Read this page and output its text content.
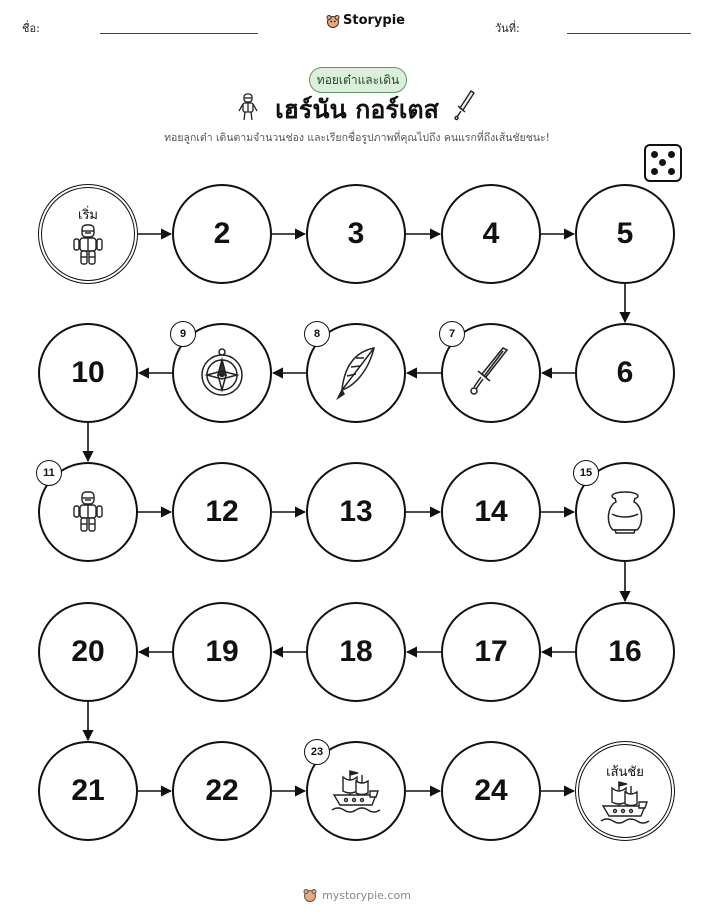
ชื่อ:
Storypie
วันที่:
ทอยเต๋าและเดิน
เฮร์นัน กอร์เตส
ทอยลูกเต๋า เดินตามจำนวนช่อง และเรียกชื่อรูปภาพที่คุณไปถึง คนแรกที่ถึงเส้นชัยชนะ!
เริ่ม
2	3	4	5
6
7
8
9
10
11
12	13	14
15
16
17
18
19
20
21	22
23
24
เส้นชัย
mystorypie.com
